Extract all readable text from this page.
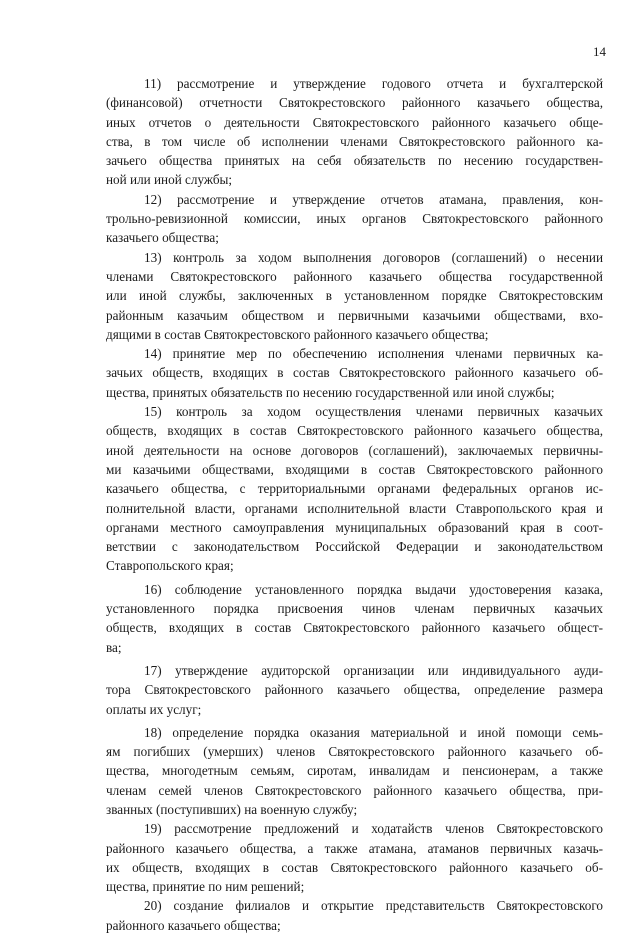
14

11) рассмотрение и утверждение годового отчета и бухгалтерской
(финансовой) отчетности Святокрестовского районного казачьего общества,
иных отчетов о деятельности Святокрестовского районного казачьего обще-
ства, в том числе об исполнении членами Святокрестовского районного ка-
зачьего общества принятых на себя обязательств по несению государствен-
ной или иной службы;

12) рассмотрение и утверждение отчетов атамана, правления, кон-
трольно-ревизионной комиссии, иных органов Святокрестовского районного
казачьего общества;

13) контроль за ходом выполнения договоров (соглашений) о несении
членами Святокрестовского районного казачьего общества государственной
или иной службы, заключенных в установленном порядке Святокрестовским
районным казачьим обществом и первичными казачьими обществами, вхо-
дящими в состав Святокрестовского районного казачьего общества;

14) принятие мер по обеспечению исполнения членами первичных ка-
зачьих обществ, входящих в состав Святокрестовского районного казачьего об-
щества, принятых обязательств по несению государственной или иной службы;

15) контроль за ходом осуществления членами первичных казачьих
обществ, входящих в состав Святокрестовского районного казачьего общества,
иной деятельности на основе договоров (соглашений), заключаемых первичны-
ми казачьими обществами, входящими в состав Святокрестовского районного
казачьего общества, с территориальными органами федеральных органов ис-
полнительной власти, органами исполнительной власти Ставропольского края и
органами местного самоуправления муниципальных образований края в соот-
ветствии с законодательством Российской Федерации и законодательством
Ставропольского края;

16) соблюдение установленного порядка выдачи удостоверения казака,
установленного порядка присвоения чинов членам первичных казачьих
обществ, входящих в состав Святокрестовского районного казачьего общест-
ва;

17) утверждение аудиторской организации или индивидуального ауди-
тора Святокрестовского районного казачьего общества, определение размера
оплаты их услуг;

18) определение порядка оказания материальной и иной помощи семь-
ям погибших (умерших) членов Святокрестовского районного казачьего об-
щества, многодетным семьям, сиротам, инвалидам и пенсионерам, а также
членам семей членов Святокрестовского районного казачьего общества, при-
званных (поступивших) на военную службу;

19) рассмотрение предложений и ходатайств членов Святокрестовского
районного казачьего общества, а также атамана, атаманов первичных казачь-
их обществ, входящих в состав Святокрестовского районного казачьего об-
щества, принятие по ним решений;

20) создание филиалов и открытие представительств Святокрестовского
районного казачьего общества;
